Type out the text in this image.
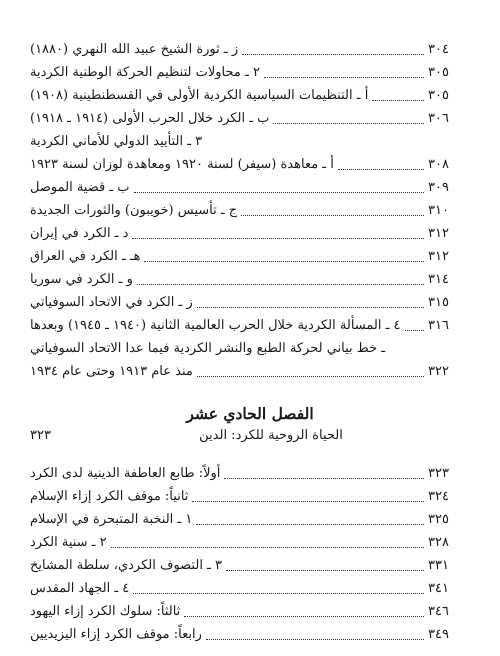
ز ـ ثورة الشيخ عبيد الله النهري (١٨٨٠)	٣٠٤
٢ ـ محاولات لتنظيم الحركة الوطنية الكردية	٣٠٥
أ ـ التنظيمات السياسية الكردية الأولى في القسطنطينية (١٩٠٨)	٣٠٥
ب ـ الكرد خلال الحرب الأولى (١٩١٤ ـ ١٩١٨)	٣٠٦
٣ ـ التأييد الدولي للأماني الكردية
أ ـ معاهدة (سيفر) لسنة ١٩٢٠ ومعاهدة لوزان لسنة ١٩٢٣	٣٠٨
ب ـ قضية الموصل	٣٠٩
ج ـ تأسيس (خويبون) والثورات الجديدة	٣١٠
د ـ الكرد في إيران	٣١٢
هـ ـ الكرد في العراق	٣١٢
و ـ الكرد في سوريا	٣١٤
ز ـ الكرد في الاتحاد السوفياتي	٣١٥
٤ ـ المسألة الكردية خلال الحرب العالمية الثانية (١٩٤٠ ـ ١٩٤٥) وبعدها ٣١٦
ـ خط بياني لحركة الطبع والنشر الكردية فيما عدا الاتحاد السوفياتي
منذ عام ١٩١٣ وحتى عام ١٩٣٤	٣٢٢
الفصل الحادي عشر
٣٢٣	الحياة الروحية للكرد: الدين
أولاً: طابع العاطفة الدينية لدى الكرد	٣٢٣
ثانياً: موقف الكرد إزاء الإسلام	٣٢٤
١ ـ النخبة المتبحرة في الإسلام	٣٢٥
٢ ـ سنية الكرد	٣٢٨
٣ ـ التصوف الكردي، سلطة المشايخ	٣٣١
٤ ـ الجهاد المقدس	٣٤١
ثالثاً: سلوك الكرد إزاء اليهود	٣٤٦
رابعاً: موقف الكرد إزاء اليزيديين	٣٤٩
